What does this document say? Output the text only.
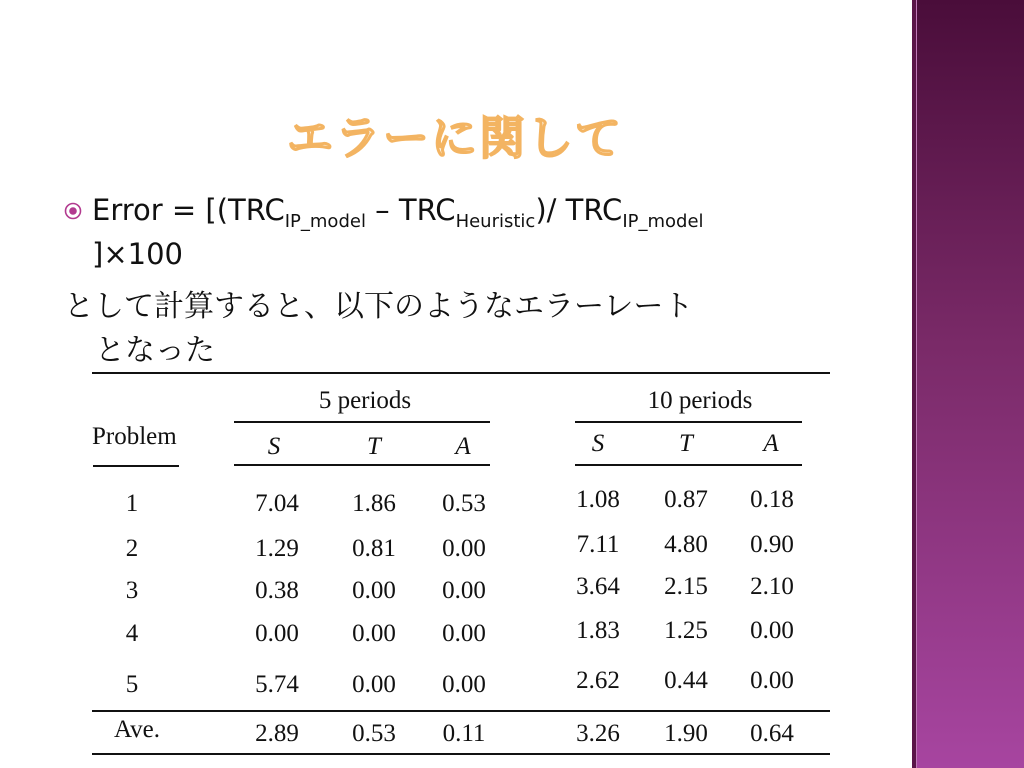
エラーに関して
Error = [$(TRC_{IP\_model} - TRC_{Heuristic})/$ $TRC_{IP\_model}$
]×100
として計算すると、以下のようなエラーレート
となった
5 periods	10 periods
Problem	S	T	A	S	T	A
1	7.04	1.86	0.53	1.08	0.87	0.18
2	1.29	0.81	0.00	7.11	4.80	0.90
3	0.38	0.00	0.00	3.64	2.15	2.10
4	0.00	0.00	0.00	1.83	1.25	0.00
5	5.74	0.00	0.00	2.62	0.44	0.00
Ave.	2.89	0.53	0.11	3.26	1.90	0.64
